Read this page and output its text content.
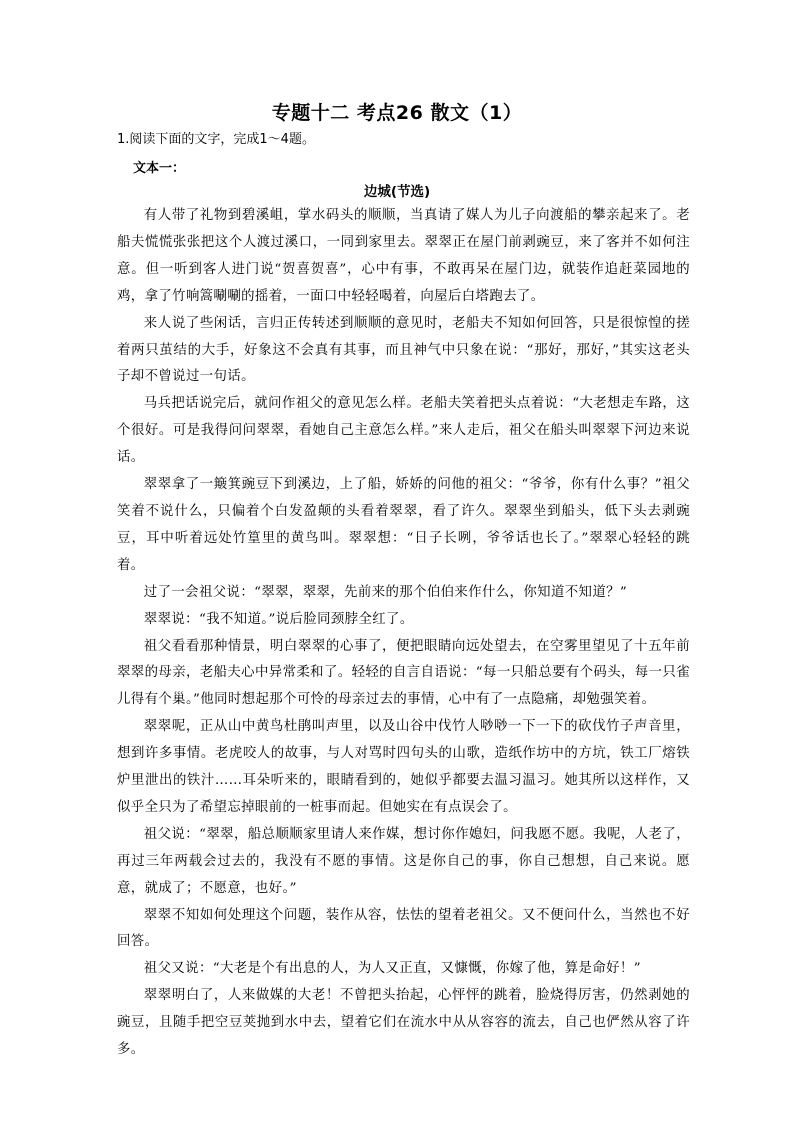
专题十二 考点26 散文（1）
1.阅读下面的文字，完成1～4题。
文本一：
边城(节选)

有人带了礼物到碧溪岨，掌水码头的顺顺，当真请了媒人为儿子向渡船的攀亲起来了。老船夫慌慌张张把这个人渡过溪口，一同到家里去。翠翠正在屋门前剥豌豆，来了客并不如何注意。但一听到客人进门说“贺喜贺喜”，心中有事，不敢再呆在屋门边，就装作追赶菜园地的鸡，拿了竹响篙唰唰的摇着，一面口中轻轻喝着，向屋后白塔跑去了。

来人说了些闲话，言归正传转述到顺顺的意见时，老船夫不知如何回答，只是很惊惶的搓着两只茧结的大手，好象这不会真有其事，而且神气中只象在说：“那好，那好，”其实这老头子却不曾说过一句话。

马兵把话说完后，就问作祖父的意见怎么样。老船夫笑着把头点着说：“大老想走车路，这个很好。可是我得问问翠翠，看她自己主意怎么样。”来人走后，祖父在船头叫翠翠下河边来说话。

翠翠拿了一簸箕豌豆下到溪边，上了船，娇娇的问他的祖父：“爷爷，你有什么事？”祖父笑着不说什么，只偏着个白发盈颠的头看着翠翠，看了许久。翠翠坐到船头，低下头去剥豌豆，耳中听着远处竹篁里的黄鸟叫。翠翠想：“日子长咧，爷爷话也长了。”翠翠心轻轻的跳着。

过了一会祖父说：“翠翠，翠翠，先前来的那个伯伯来作什么，你知道不知道？”

翠翠说：“我不知道。”说后脸同颈脖全红了。

祖父看看那种情景，明白翠翠的心事了，便把眼睛向远处望去，在空雾里望见了十五年前翠翠的母亲，老船夫心中异常柔和了。轻轻的自言自语说：“每一只船总要有个码头，每一只雀儿得有个巢。”他同时想起那个可怜的母亲过去的事情，心中有了一点隐痛，却勉强笑着。

翠翠呢，正从山中黄鸟杜鹃叫声里，以及山谷中伐竹人唦唦一下一下的砍伐竹子声音里，想到许多事情。老虎咬人的故事，与人对骂时四句头的山歌，造纸作坊中的方坑，铁工厂熔铁炉里泄出的铁汁……耳朵听来的，眼睛看到的，她似乎都要去温习温习。她其所以这样作，又似乎全只为了希望忘掉眼前的一桩事而起。但她实在有点误会了。

祖父说：“翠翠，船总顺顺家里请人来作媒，想讨你作媳妇，问我愿不愿。我呢，人老了，再过三年两载会过去的，我没有不愿的事情。这是你自己的事，你自己想想，自己来说。愿意，就成了；不愿意，也好。”

翠翠不知如何处理这个问题，装作从容，怯怯的望着老祖父。又不便问什么，当然也不好回答。

祖父又说：“大老是个有出息的人，为人又正直，又慷慨，你嫁了他，算是命好！”

翠翠明白了，人来做媒的大老！不曾把头抬起，心怦怦的跳着，脸烧得厉害，仍然剥她的豌豆，且随手把空豆荚抛到水中去，望着它们在流水中从从容容的流去，自己也俨然从容了许多。
